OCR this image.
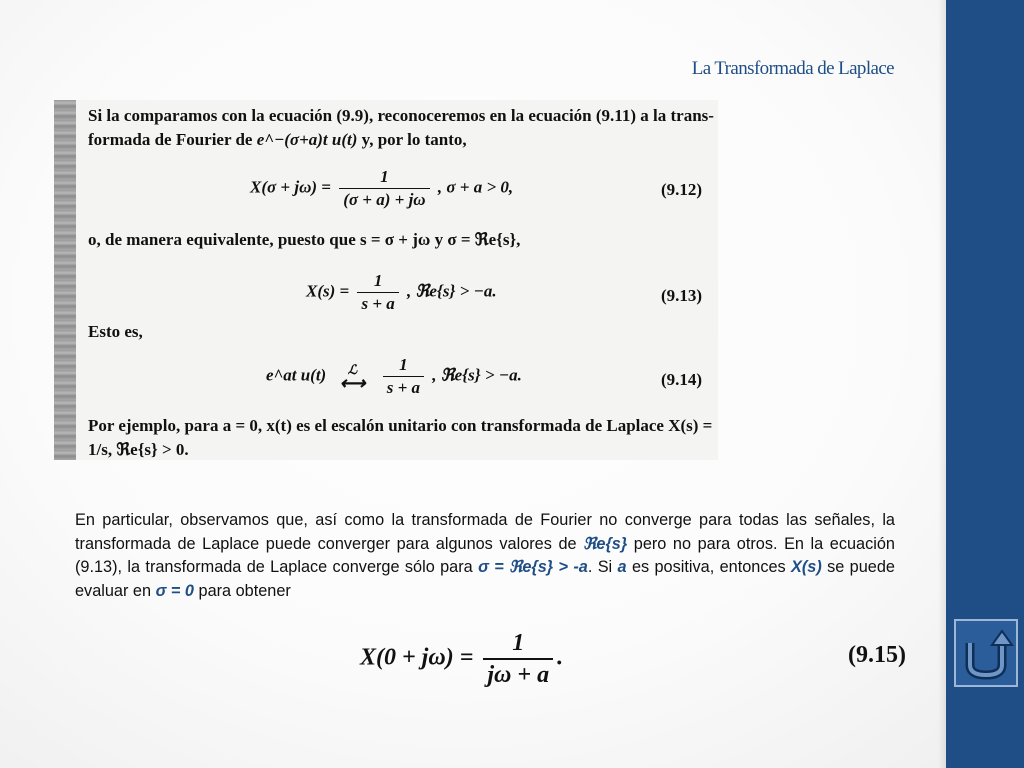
La Transformada de Laplace
Si la comparamos con la ecuación (9.9), reconoceremos en la ecuación (9.11) a la trans-
formada de Fourier de e^−(σ+a)t u(t) y, por lo tanto,
$X(\sigma + j\omega) = \frac{1}{(\sigma + a) + j\omega}$ , σ + a > 0,	(9.12)
o, de manera equivalente, puesto que s = σ + jω y σ = ℜe{s},
$X(s) = \frac{1}{s + a}$ , ℜe{s} > −a.	(9.13)
Esto es,
e^at u(t)	ℒ
⟷
	$\frac{1}{s + a}$ , ℜe{s} > −a.	(9.14)
Por ejemplo, para a = 0, x(t) es el escalón unitario con transformada de Laplace X(s) =
1/s, ℜe{s} > 0.
En particular, observamos que, así como la transformada de Fourier no converge para todas las señales, la transformada de Laplace puede converger para algunos valores de ℜe{s} pero no para otros. En la ecuación (9.13), la transformada de Laplace converge sólo para σ = ℜe{s} > -a. Si a es positiva, entonces X(s) se puede evaluar en σ = 0 para obtener
$X(0 + j\omega) = \frac{1}{j\omega + a}$ .	(9.15)
